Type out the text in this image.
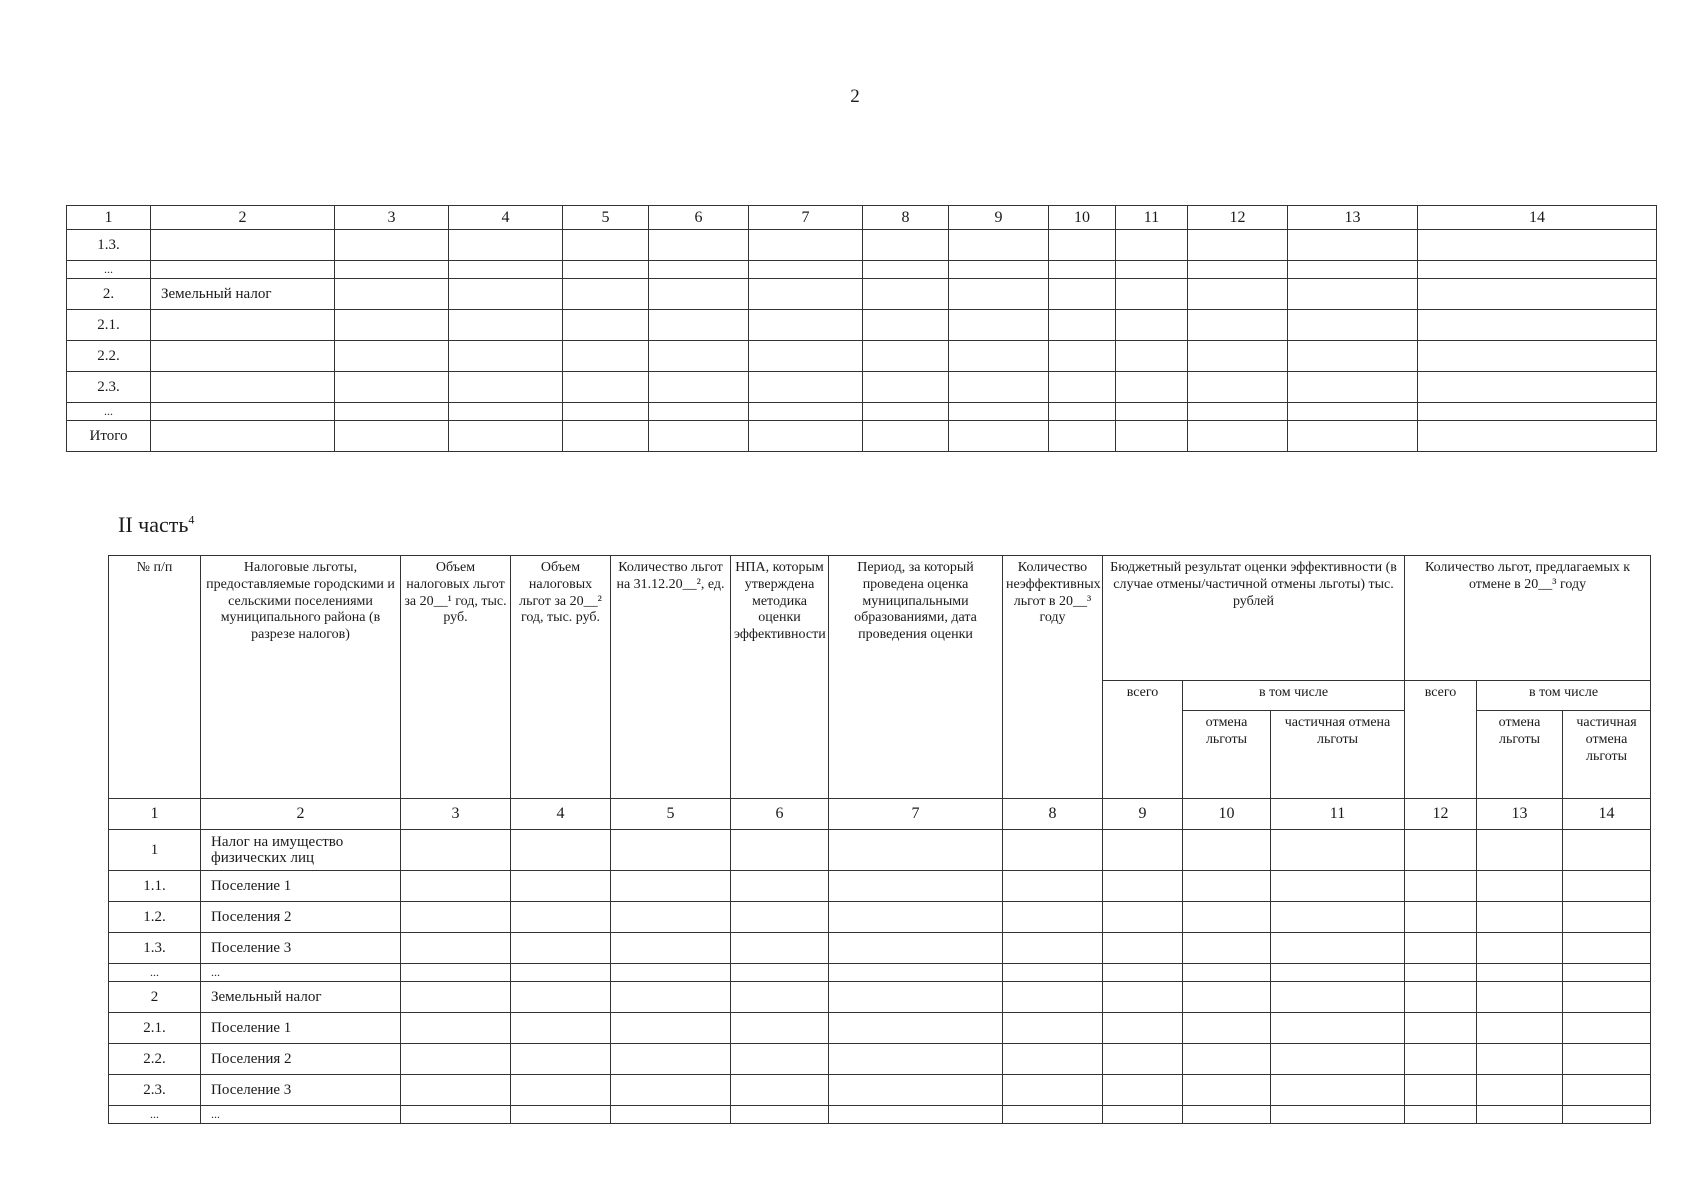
2
1	2	3	4	5	6	7	8	9	10	11	12	13	14
1.3.													
...													
2.	Земельный налог												
2.1.													
2.2.													
2.3.													
...													
Итого													
II часть$^4$
№ п/п	Налоговые льготы, предоставляемые городскими и сельскими поселениями муниципального района (в разрезе налогов)	Объем налоговых льгот за 20__¹ год, тыс. руб.	Объем налоговых льгот за 20__² год, тыс. руб.	Количество льгот на 31.12.20__², ед.	НПА, которым утверждена методика оценки эффективности	Период, за который проведена оценка муниципальными образованиями, дата проведения оценки	Количество неэффективных льгот в 20__³ году	Бюджетный результат оценки эффективности (в случае отмены/частичной отмены льготы) тыс. рублей			Количество льгот, предлагаемых к отмене в 20__³ году		
								всего	в том числе		всего	в том числе	
									отмена льготы	частичная отмена льготы		отмена льготы	частичная отмена льготы
1	2	3	4	5	6	7	8	9	10	11	12	13	14
1	Налог на имущество физических лиц												
1.1.	Поселение 1												
1.2.	Поселения 2												
1.3.	Поселение 3												
...	...												
2	Земельный налог												
2.1.	Поселение 1												
2.2.	Поселения 2												
2.3.	Поселение 3												
...	...												
